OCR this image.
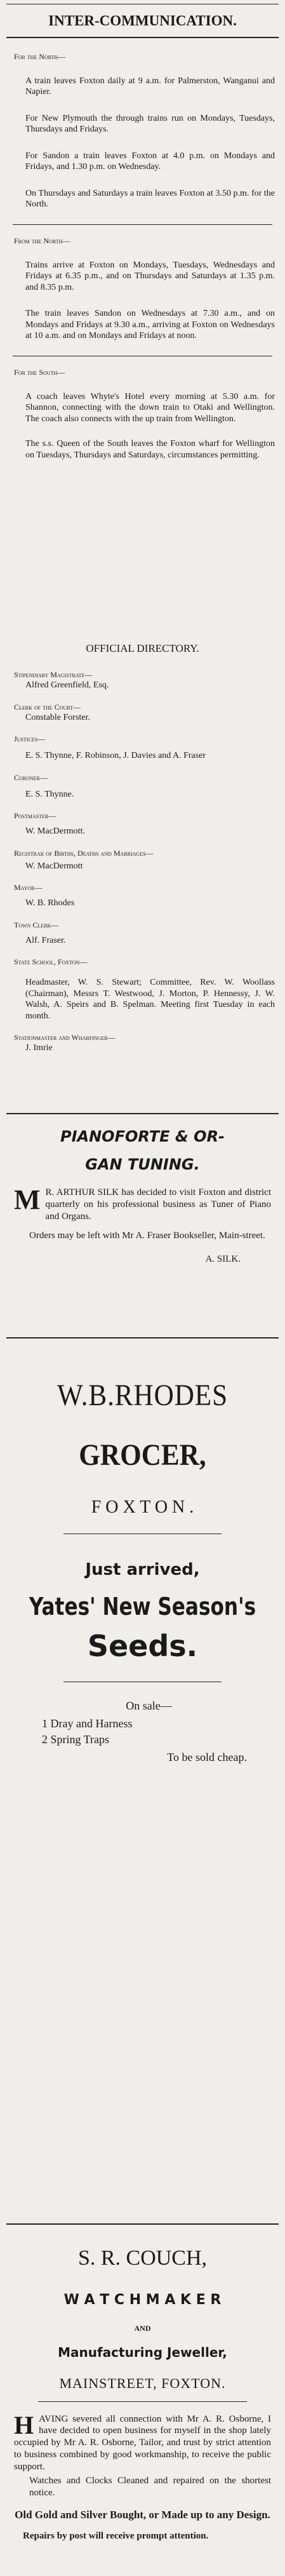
INTER-COMMUNICATION.
For the North—

A train leaves Foxton daily at 9 a.m. for Palmerston, Wanganui and Napier.

For New Plymouth the through trains run on Mondays, Tuesdays, Thursdays and Fridays.

For Sandon a train leaves Foxton at 4.0 p.m. on Mondays and Fridays, and 1.30 p.m. on Wednesday.

On Thursdays and Saturdays a train leaves Foxton at 3.50 p.m. for the North.

From the North—

Trains arrive at Foxton on Mondays, Tuesdays, Wednesdays and Fridays at 6.35 p.m., and on Thursdays and Saturdays at 1.35 p.m. and 8.35 p.m.

The train leaves Sandon on Wednesdays at 7.30 a.m., and on Mondays and Fridays at 9.30 a.m., arriving at Foxton on Wednesdays at 10 a.m. and on Mondays and Fridays at noon.

For the South—

A coach leaves Whyte's Hotel every morning at 5.30 a.m. for Shannon, connecting with the down train to Otaki and Wellington. The coach also connects with the up train from Wellington.

The s.s. Queen of the South leaves the Foxton wharf for Wellington on Tuesdays, Thursdays and Saturdays, circumstances permitting.

OFFICIAL DIRECTORY.
Stipendiary Magistrate—
Alfred Greenfield, Esq.
Clerk of the Court—
Constable Forster.
Justices—

E. S. Thynne, F. Robinson, J. Davies and A. Fraser

Coroner—
E. S. Thynne.
Postmaster—
W. MacDermott.
Registrar of Births, Deaths and Marriages—
W. MacDermott
Mayor—
W. B. Rhodes
Town Clerk—
Alf. Fraser.
State School, Foxton—

Headmaster, W. S. Stewart; Committee, Rev. W. Woollass (Chairman), Messrs T. Westwood, J. Morton, P. Hennessy, J. W. Walsh, A. Speirs and B. Spelman. Meeting first Tuesday in each month.

Stationmaster and Wharfinger—
J. Imrie
PIANOFORTE & OR-
GAN TUNING.
M R. ARTHUR SILK has decided to visit Foxton and district quarterly on his professional business as Tuner of Piano and Organs.

Orders may be left with Mr A. Fraser Bookseller, Main-street.

A. SILK.
W.B.RHODES
GROCER,
F O X T O N .
Just arrived,
Yates' New Season's
Seeds.
On sale—
1 Dray and Harness
2 Spring Traps
To be sold cheap.
S. R. COUCH,
W A T C H M A K E R
AND
Manufacturing Jeweller,
MAINSTREET, FOXTON.
H AVING severed all connection with Mr A. R. Osborne, I have decided to open business for myself in the shop lately occupied by Mr A. R. Osborne, Tailor, and trust by strict attention to business combined by good workmanship, to receive the public support.

Watches and Clocks Cleaned and repaired on the shortest notice.

Old Gold and Silver Bought, or Made up to any Design.

Repairs by post will receive prompt attention.
